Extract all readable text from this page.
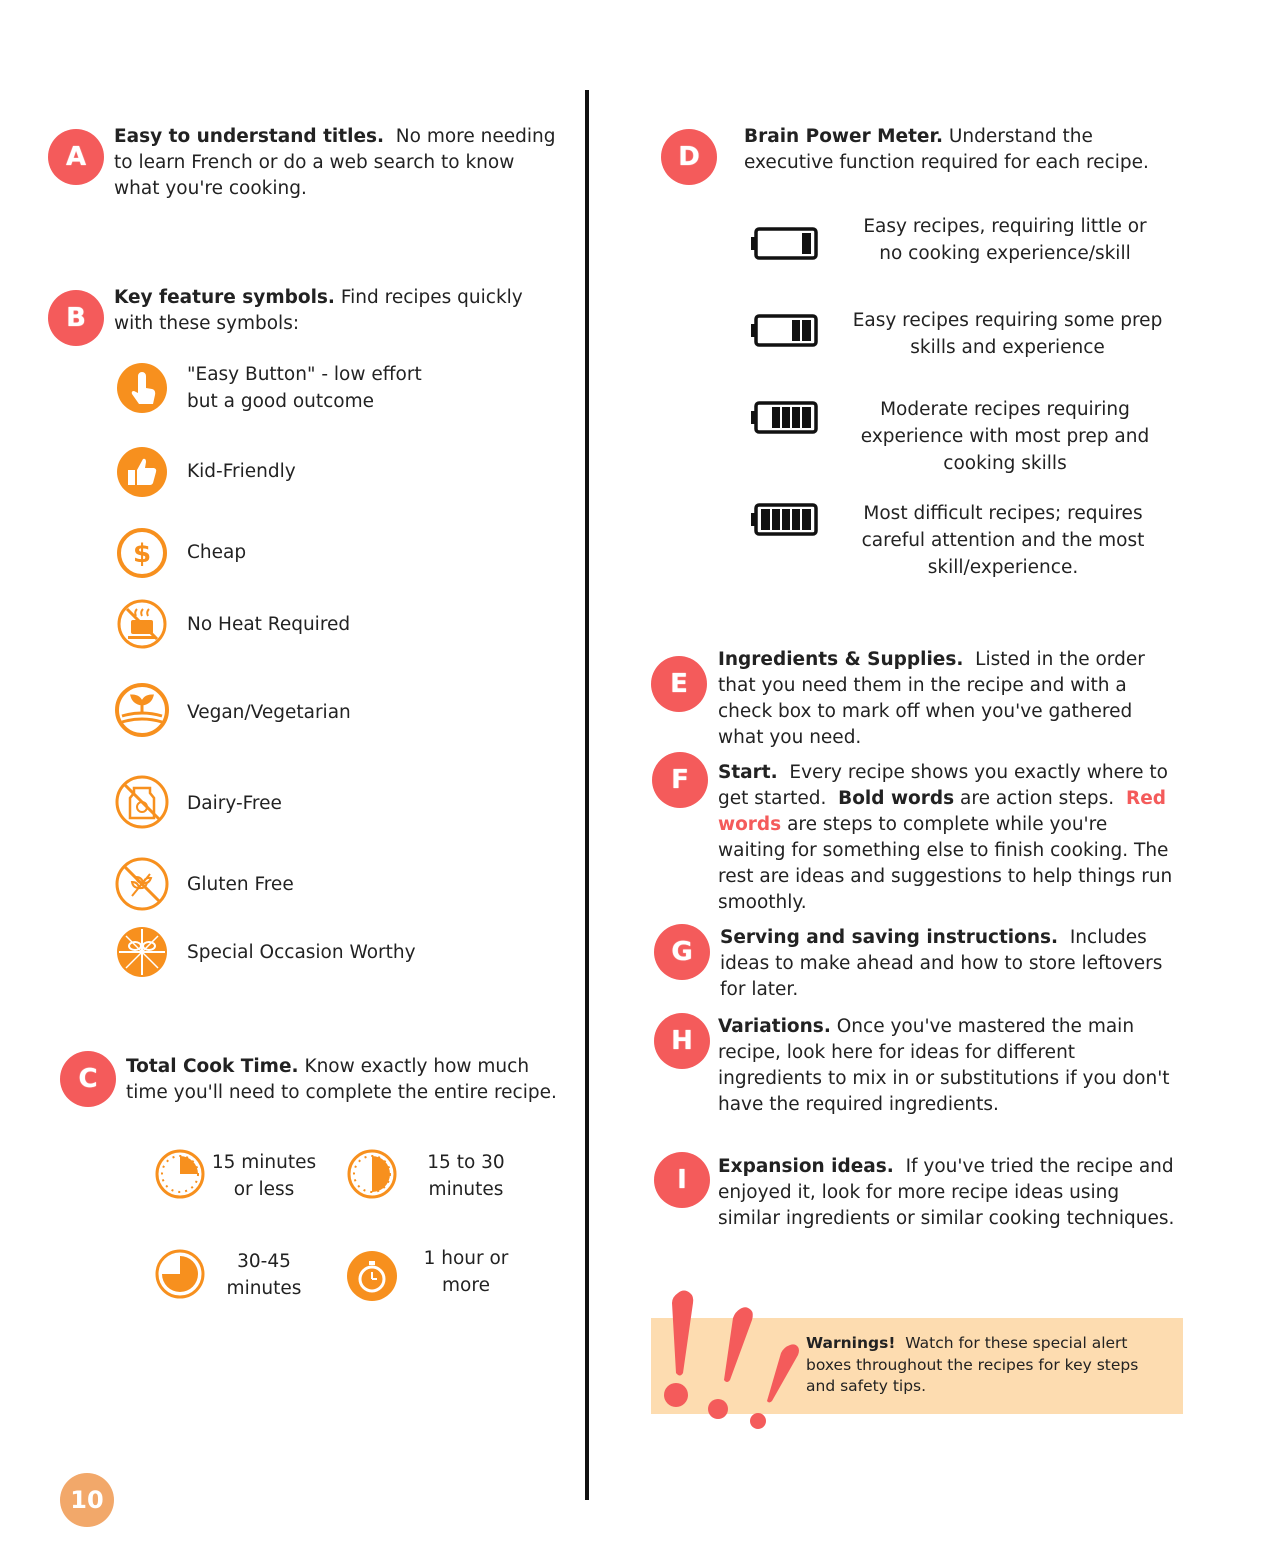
A
Easy to understand titles. No more needing to learn French or do a web search to know what you're cooking.
B
Key feature symbols. Find recipes quickly with these symbols:
"Easy Button" - low effort but a good outcome
Kid-Friendly
$ Cheap
No Heat Required
Vegan/Vegetarian
Dairy-Free
Gluten Free
Special Occasion Worthy
C	Total Cook Time. Know exactly how much time you'll need to complete the entire recipe.
15 minutes or less
15 to 30 minutes
30-45 minutes
1 hour or more
D
Brain Power Meter. Understand the executive function required for each recipe.
Easy recipes, requiring little or no cooking experience/skill
Easy recipes requiring some prep skills and experience
Moderate recipes requiring experience with most prep and cooking skills
Most difficult recipes; requires careful attention and the most skill/experience.
E
Ingredients & Supplies. Listed in the order that you need them in the recipe and with a check box to mark off when you've gathered what you need.
F	Start. Every recipe shows you exactly where to get started. Bold words are action steps. Red words are steps to complete while you're waiting for something else to finish cooking. The rest are ideas and suggestions to help things run smoothly.
G	Serving and saving instructions. Includes ideas to make ahead and how to store leftovers for later.
H	Variations. Once you've mastered the main recipe, look here for ideas for different ingredients to mix in or substitutions if you don't have the required ingredients.
I	Expansion ideas. If you've tried the recipe and enjoyed it, look for more recipe ideas using similar ingredients or similar cooking techniques.
Warnings! Watch for these special alert boxes throughout the recipes for key steps and safety tips.
10
